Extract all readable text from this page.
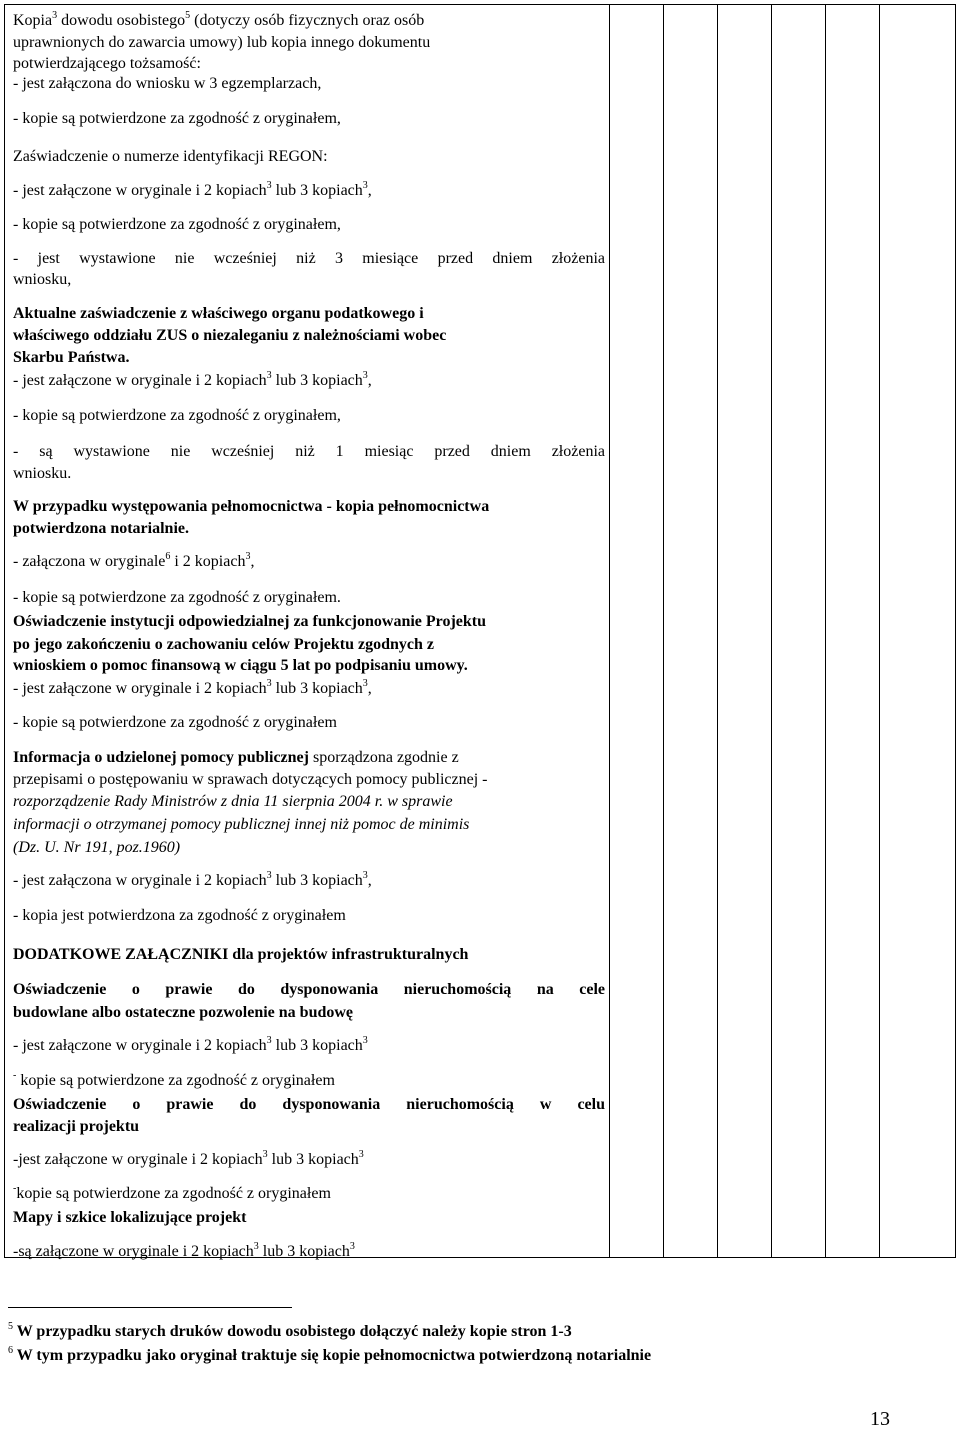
Kopia$^3$ dowodu osobistego$^5$ (dotyczy osób fizycznych oraz osób
uprawnionych do zawarcia umowy) lub kopia innego dokumentu
potwierdzającego tożsamość:
- jest załączona do wniosku w 3 egzemplarzach,
- kopie są potwierdzone za zgodność z oryginałem,
Zaświadczenie o numerze identyfikacji REGON:
- jest załączone w oryginale i 2 kopiach$^3$ lub 3 kopiach$^3$,
- kopie są potwierdzone za zgodność z oryginałem,
- jest wystawione nie wcześniej niż 3 miesiące przed dniem złożenia
wniosku,
Aktualne zaświadczenie z właściwego organu podatkowego i
właściwego oddziału ZUS o niezaleganiu z należnościami wobec
Skarbu Państwa.
- jest załączone w oryginale i 2 kopiach$^3$ lub 3 kopiach$^3$,
- kopie są potwierdzone za zgodność z oryginałem,
- są wystawione nie wcześniej niż 1 miesiąc przed dniem złożenia
wniosku.
W przypadku występowania pełnomocnictwa - kopia pełnomocnictwa
potwierdzona notarialnie.
- załączona w oryginale$^6$ i 2 kopiach$^3$,
- kopie są potwierdzone za zgodność z oryginałem.
Oświadczenie instytucji odpowiedzialnej za funkcjonowanie Projektu
po jego zakończeniu o zachowaniu celów Projektu zgodnych z
wnioskiem o pomoc finansową w ciągu 5 lat po podpisaniu umowy.
- jest załączone w oryginale i 2 kopiach$^3$ lub 3 kopiach$^3$,
- kopie są potwierdzone za zgodność z oryginałem
Informacja o udzielonej pomocy publicznej sporządzona zgodnie z
przepisami o postępowaniu w sprawach dotyczących pomocy publicznej -
rozporządzenie Rady Ministrów z dnia 11 sierpnia 2004 r. w sprawie
informacji o otrzymanej pomocy publicznej innej niż pomoc de minimis
(Dz. U. Nr 191, poz.1960)
- jest załączona w oryginale i 2 kopiach$^3$ lub 3 kopiach$^3$,
- kopia jest potwierdzona za zgodność z oryginałem
DODATKOWE ZAŁĄCZNIKI dla projektów infrastrukturalnych
Oświadczenie o prawie do dysponowania nieruchomością na cele
budowlane albo ostateczne pozwolenie na budowę
- jest załączone w oryginale i 2 kopiach$^3$ lub 3 kopiach$^3$
- kopie są potwierdzone za zgodność z oryginałem
Oświadczenie o prawie do dysponowania nieruchomością w celu
realizacji projektu
-jest załączone w oryginale i 2 kopiach$^3$ lub 3 kopiach$^3$
-kopie są potwierdzone za zgodność z oryginałem
Mapy i szkice lokalizujące projekt
-są załączone w oryginale i 2 kopiach$^3$ lub 3 kopiach$^3$
$^5$ W przypadku starych druków dowodu osobistego dołączyć należy kopie stron 1-3
$^6$ W tym przypadku jako oryginał traktuje się kopie pełnomocnictwa potwierdzoną notarialnie
13
